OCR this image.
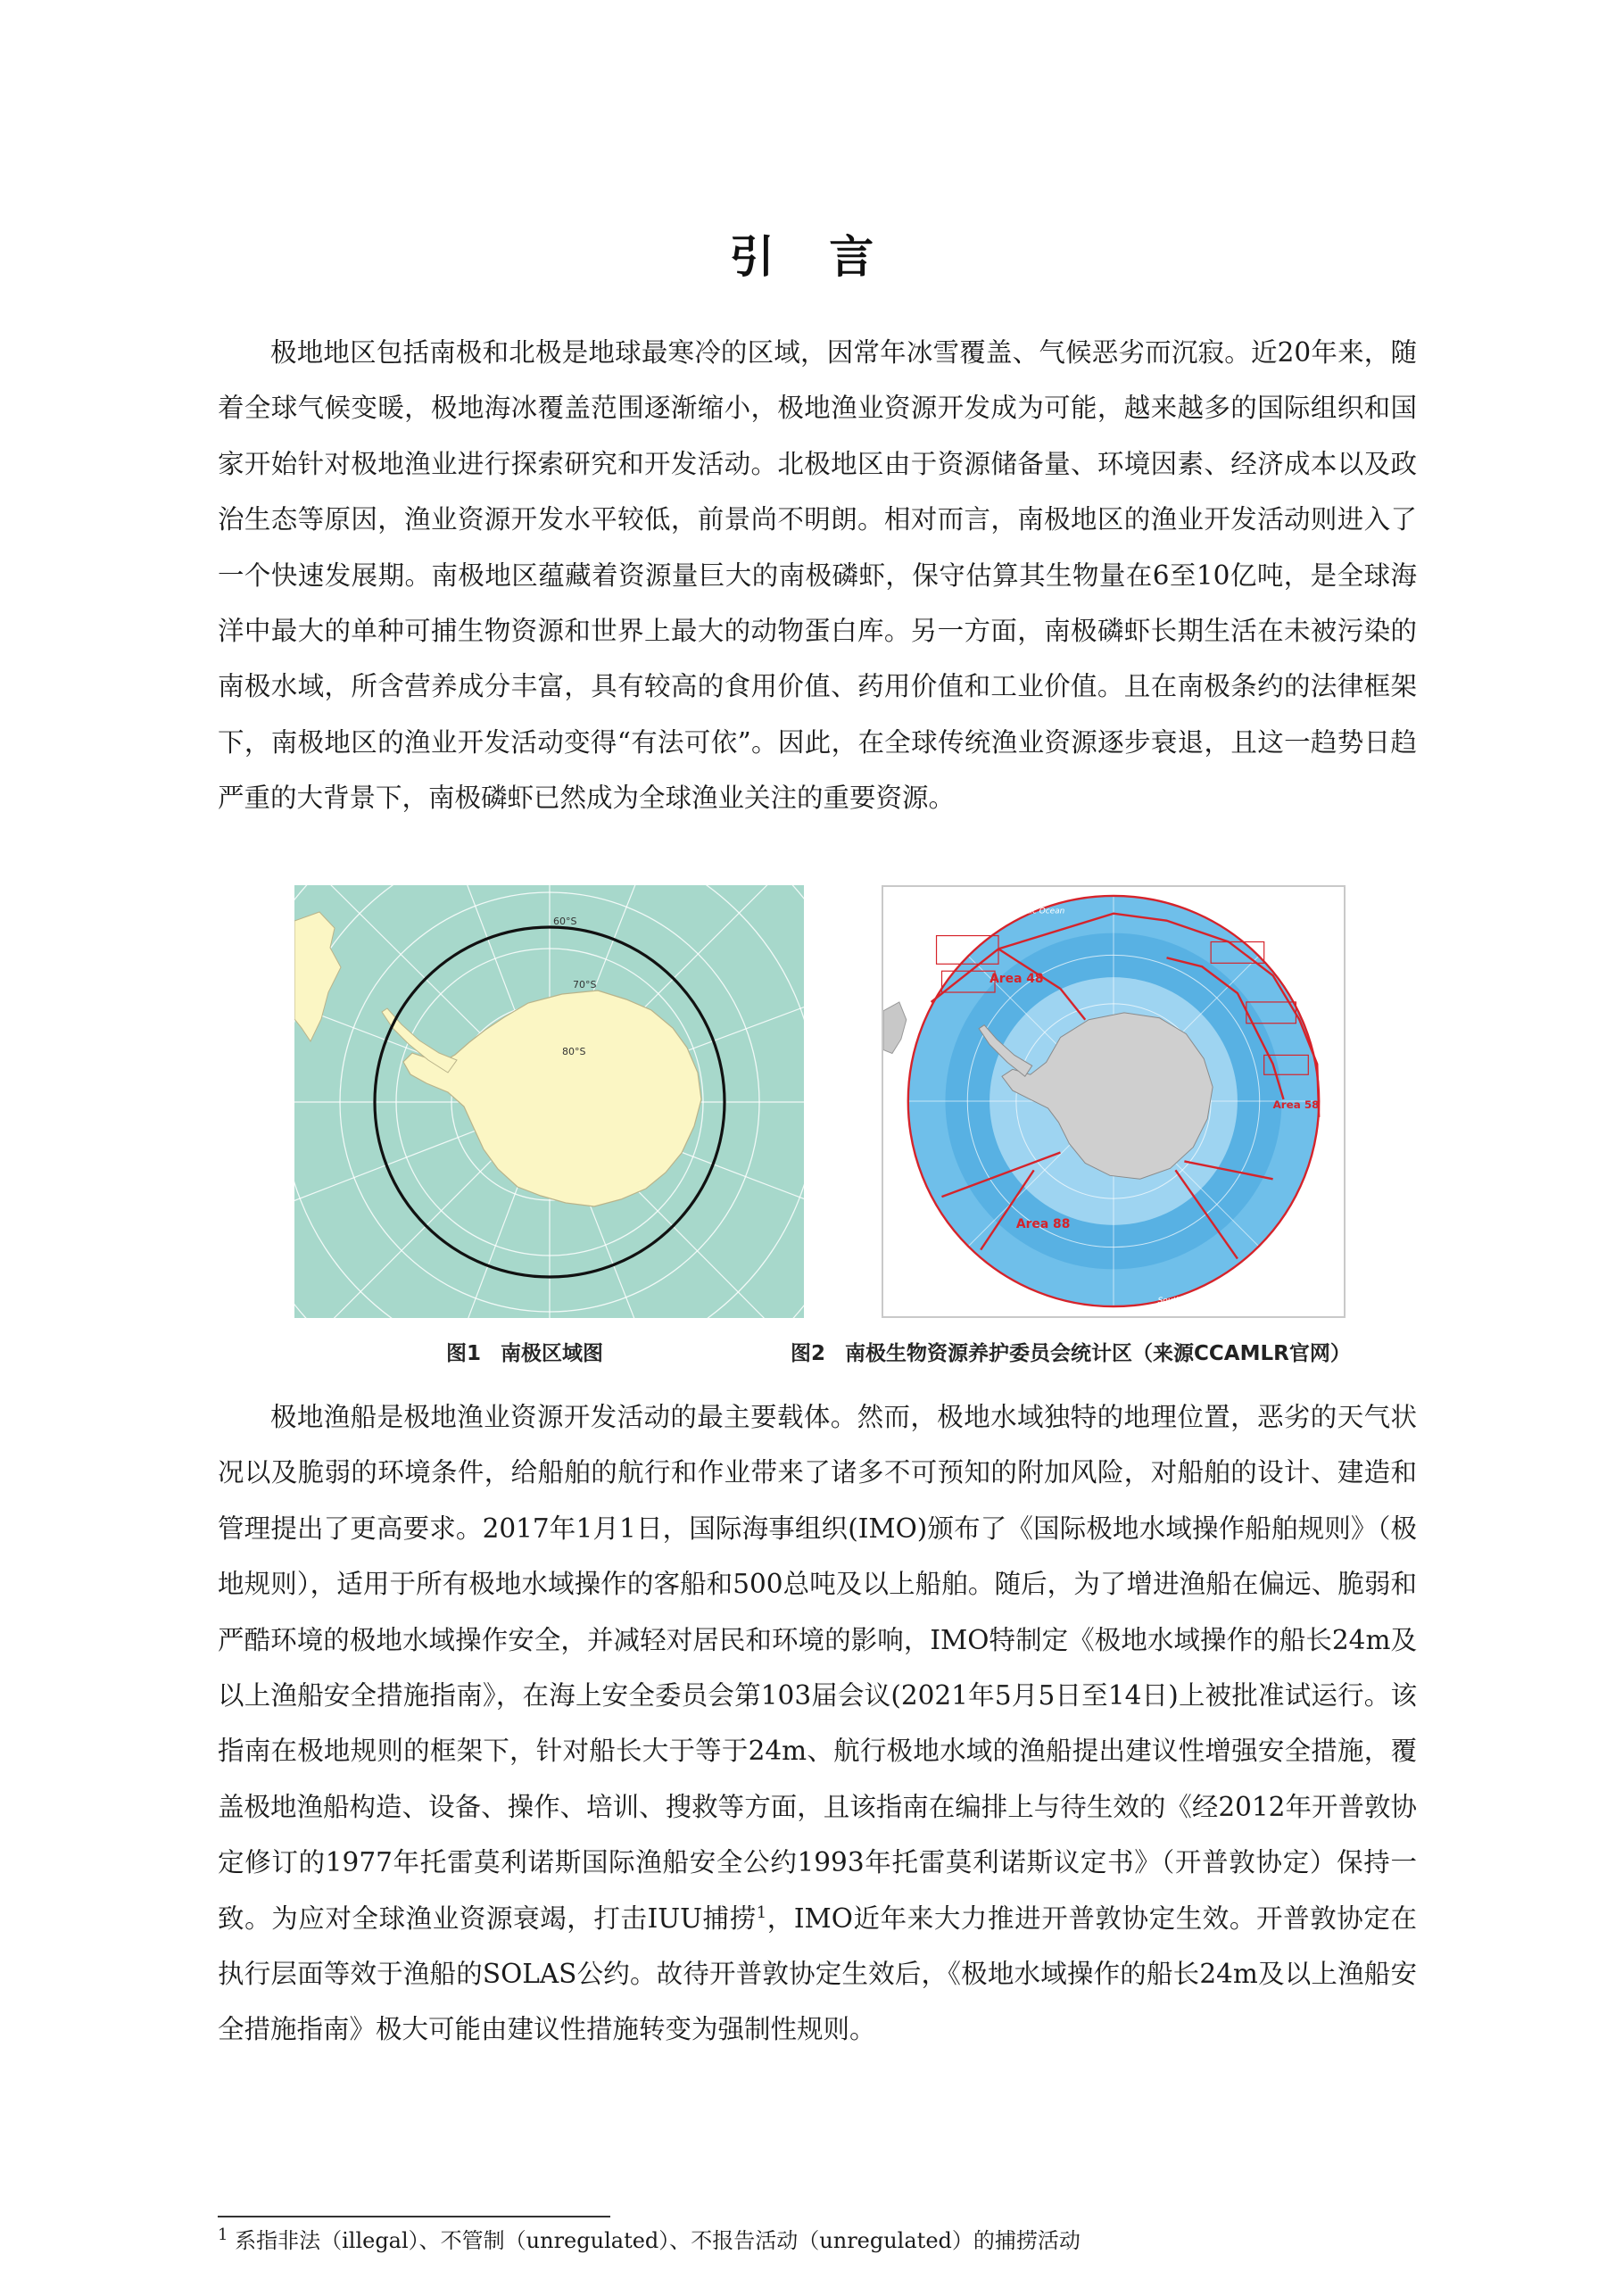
引 言

极地地区包括南极和北极是地球最寒冷的区域，因常年冰雪覆盖、气候恶劣而沉寂。近20年来，随着全球气候变暖，极地海冰覆盖范围逐渐缩小，极地渔业资源开发成为可能，越来越多的国际组织和国家开始针对极地渔业进行探索研究和开发活动。北极地区由于资源储备量、环境因素、经济成本以及政治生态等原因，渔业资源开发水平较低，前景尚不明朗。相对而言，南极地区的渔业开发活动则进入了一个快速发展期。南极地区蕴藏着资源量巨大的南极磷虾，保守估算其生物量在6至10亿吨，是全球海洋中最大的单种可捕生物资源和世界上最大的动物蛋白库。另一方面，南极磷虾长期生活在未被污染的南极水域，所含营养成分丰富，具有较高的食用价值、药用价值和工业价值。且在南极条约的法律框架下，南极地区的渔业开发活动变得“有法可依”。因此，在全球传统渔业资源逐步衰退，且这一趋势日趋严重的大背景下，南极磷虾已然成为全球渔业关注的重要资源。

60°S
70°S
80°S
Area 48
Area 58
Area 88
South Atlantic Ocean
Indian Ocean
South Pacific Ocean
图1 南极区域图	图2 南极生物资源养护委员会统计区（来源CCAMLR官网）

极地渔船是极地渔业资源开发活动的最主要载体。然而，极地水域独特的地理位置，恶劣的天气状况以及脆弱的环境条件，给船舶的航行和作业带来了诸多不可预知的附加风险，对船舶的设计、建造和管理提出了更高要求。2017年1月1日，国际海事组织(IMO)颁布了《国际极地水域操作船舶规则》（极地规则），适用于所有极地水域操作的客船和500总吨及以上船舶。随后，为了增进渔船在偏远、脆弱和严酷环境的极地水域操作安全，并减轻对居民和环境的影响，IMO特制定《极地水域操作的船长24m及以上渔船安全措施指南》，在海上安全委员会第103届会议(2021年5月5日至14日)上被批准试运行。该指南在极地规则的框架下，针对船长大于等于24m、航行极地水域的渔船提出建议性增强安全措施，覆盖极地渔船构造、设备、操作、培训、搜救等方面，且该指南在编排上与待生效的《经2012年开普敦协定修订的1977年托雷莫利诺斯国际渔船安全公约1993年托雷莫利诺斯议定书》（开普敦协定）保持一致。为应对全球渔业资源衰竭，打击IUU捕捞$^1$，IMO近年来大力推进开普敦协定生效。开普敦协定在执行层面等效于渔船的SOLAS公约。故待开普敦协定生效后，《极地水域操作的船长24m及以上渔船安全措施指南》极大可能由建议性措施转变为强制性规则。

$^1$ 系指非法（illegal）、不管制（unregulated）、不报告活动（unregulated）的捕捞活动
